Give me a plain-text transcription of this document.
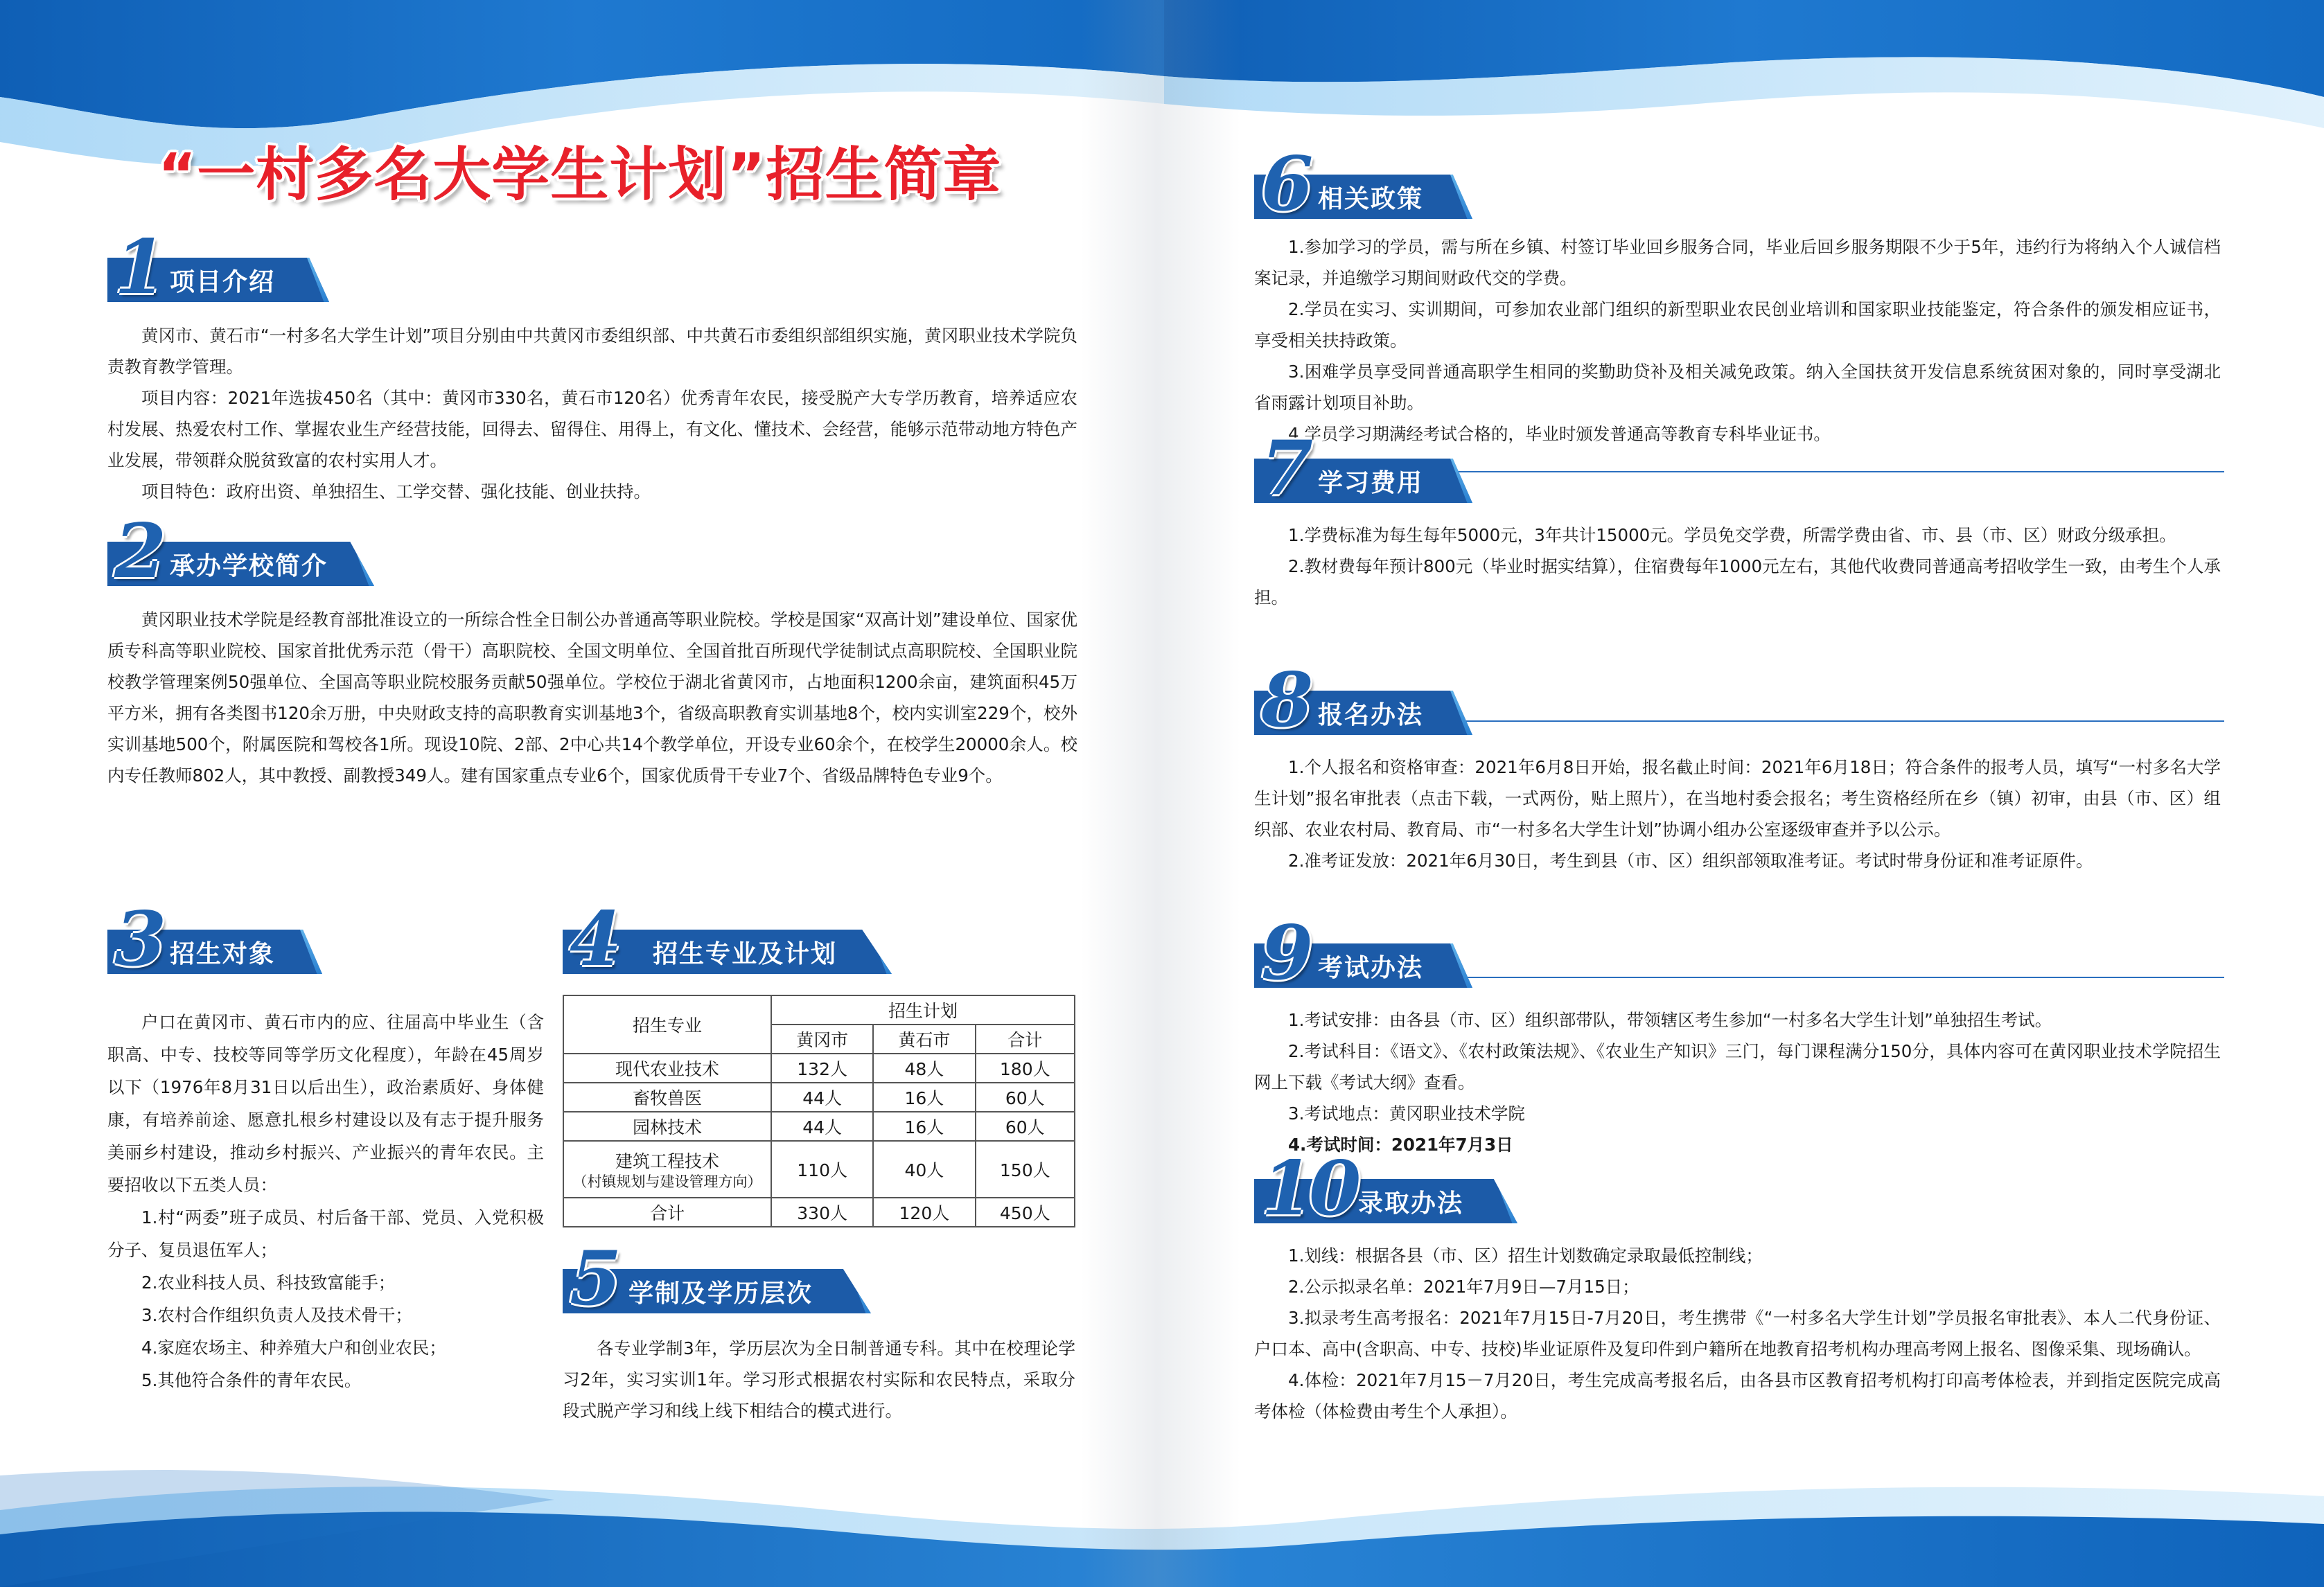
“一村多名大学生计划”招生简章
1 项目介绍

黄冈市、黄石市“一村多名大学生计划”项目分别由中共黄冈市委组织部、中共黄石市委组织部组织实施，黄冈职业技术学院负责教育教学管理。

项目内容：2021年选拔450名（其中：黄冈市330名，黄石市120名）优秀青年农民，接受脱产大专学历教育，培养适应农村发展、热爱农村工作、掌握农业生产经营技能，回得去、留得住、用得上，有文化、懂技术、会经营，能够示范带动地方特色产业发展，带领群众脱贫致富的农村实用人才。

项目特色：政府出资、单独招生、工学交替、强化技能、创业扶持。

2 承办学校简介

黄冈职业技术学院是经教育部批准设立的一所综合性全日制公办普通高等职业院校。学校是国家“双高计划”建设单位、国家优质专科高等职业院校、国家首批优秀示范（骨干）高职院校、全国文明单位、全国首批百所现代学徒制试点高职院校、全国职业院校教学管理案例50强单位、全国高等职业院校服务贡献50强单位。学校位于湖北省黄冈市，占地面积1200余亩，建筑面积45万平方米，拥有各类图书120余万册，中央财政支持的高职教育实训基地3个，省级高职教育实训基地8个，校内实训室229个，校外实训基地500个，附属医院和驾校各1所。现设10院、2部、2中心共14个教学单位，开设专业60余个，在校学生20000余人。校内专任教师802人，其中教授、副教授349人。建有国家重点专业6个，国家优质骨干专业7个、省级品牌特色专业9个。

3 招生对象

户口在黄冈市、黄石市内的应、往届高中毕业生（含职高、中专、技校等同等学历文化程度），年龄在45周岁以下（1976年8月31日以后出生），政治素质好、身体健康，有培养前途、愿意扎根乡村建设以及有志于提升服务美丽乡村建设，推动乡村振兴、产业振兴的青年农民。主要招收以下五类人员：

1.村“两委”班子成员、村后备干部、党员、入党积极分子、复员退伍军人；

2.农业科技人员、科技致富能手；

3.农村合作组织负责人及技术骨干；

4.家庭农场主、种养殖大户和创业农民；

5.其他符合条件的青年农民。

4 招生专业及计划
招生专业	招生计划		
	黄冈市	黄石市	合计
现代农业技术	132人	48人	180人
畜牧兽医	44人	16人	60人
园林技术	44人	16人	60人

建筑工程技术
（村镇规划与建设管理方向）	110人	40人	150人
合计	330人	120人	450人
5 学制及学历层次

各专业学制3年，学历层次为全日制普通专科。其中在校理论学习2年，实习实训1年。学习形式根据农村实际和农民特点，采取分段式脱产学习和线上线下相结合的模式进行。

6 相关政策

1.参加学习的学员，需与所在乡镇、村签订毕业回乡服务合同，毕业后回乡服务期限不少于5年，违约行为将纳入个人诚信档案记录，并追缴学习期间财政代交的学费。

2.学员在实习、实训期间，可参加农业部门组织的新型职业农民创业培训和国家职业技能鉴定，符合条件的颁发相应证书，享受相关扶持政策。

3.困难学员享受同普通高职学生相同的奖勤助贷补及相关减免政策。纳入全国扶贫开发信息系统贫困对象的，同时享受湖北省雨露计划项目补助。

4.学员学习期满经考试合格的，毕业时颁发普通高等教育专科毕业证书。

7 学习费用

1.学费标准为每生每年5000元，3年共计15000元。学员免交学费，所需学费由省、市、县（市、区）财政分级承担。

2.教材费每年预计800元（毕业时据实结算），住宿费每年1000元左右，其他代收费同普通高考招收学生一致，由考生个人承担。

8 报名办法

1.个人报名和资格审查：2021年6月8日开始，报名截止时间：2021年6月18日；符合条件的报考人员，填写“一村多名大学生计划”报名审批表（点击下载，一式两份，贴上照片），在当地村委会报名；考生资格经所在乡（镇）初审，由县（市、区）组织部、农业农村局、教育局、市“一村多名大学生计划”协调小组办公室逐级审查并予以公示。

2.准考证发放：2021年6月30日，考生到县（市、区）组织部领取准考证。考试时带身份证和准考证原件。

9 考试办法

1.考试安排：由各县（市、区）组织部带队，带领辖区考生参加“一村多名大学生计划”单独招生考试。

2.考试科目：《语文》、《农村政策法规》、《农业生产知识》三门，每门课程满分150分，具体内容可在黄冈职业技术学院招生网上下载《考试大纲》查看。

3.考试地点：黄冈职业技术学院

4.考试时间：2021年7月3日

10 录取办法

1.划线：根据各县（市、区）招生计划数确定录取最低控制线；

2.公示拟录名单：2021年7月9日—7月15日；

3.拟录考生高考报名：2021年7月15日-7月20日，考生携带《“一村多名大学生计划”学员报名审批表》、本人二代身份证、户口本、高中(含职高、中专、技校)毕业证原件及复印件到户籍所在地教育招考机构办理高考网上报名、图像采集、现场确认。

4.体检：2021年7月15－7月20日，考生完成高考报名后，由各县市区教育招考机构打印高考体检表，并到指定医院完成高考体检（体检费由考生个人承担）。
